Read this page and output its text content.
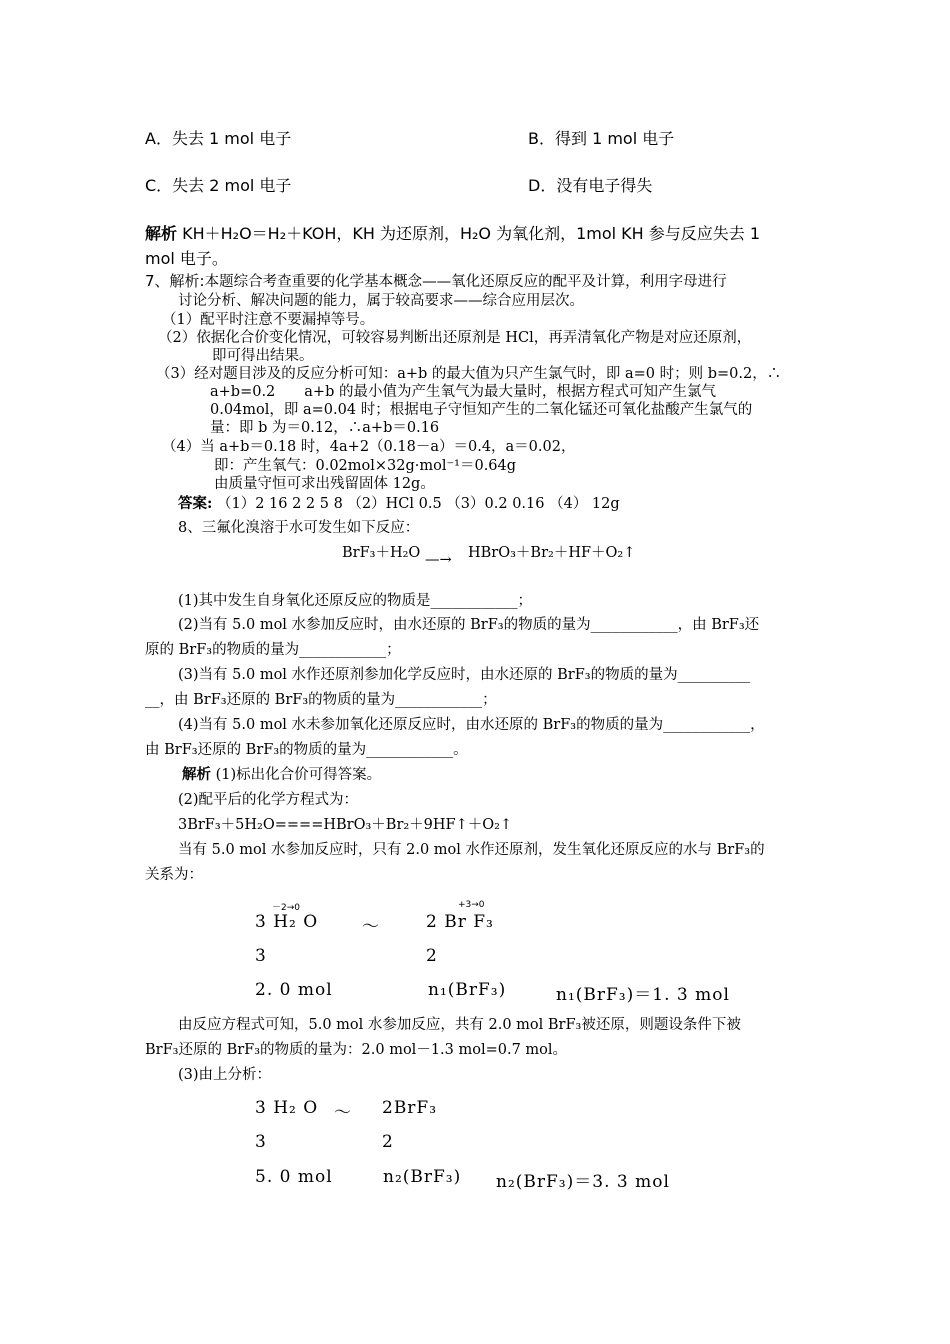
A．失去 1 mol 电子	B．得到 1 mol 电子
C．失去 2 mol 电子	D．没有电子得失
解析 KH＋H₂O＝H₂＋KOH，KH 为还原剂，H₂O 为氧化剂，1mol KH 参与反应失去 1
mol 电子。
7、解析:本题综合考查重要的化学基本概念——氧化还原反应的配平及计算，利用字母进行
讨论分析、解决问题的能力，属于较高要求——综合应用层次。
（1）配平时注意不要漏掉等号。
（2）依据化合价变化情况，可较容易判断出还原剂是 HCl，再弄清氧化产物是对应还原剂，
即可得出结果。
（3）经对题目涉及的反应分析可知：a+b 的最大值为只产生氯气时，即 a=0 时；则 b=0.2，∴
a+b=0.2　　a+b 的最小值为产生氧气为最大量时，根据方程式可知产生氯气
0.04mol，即 a=0.04 时；根据电子守恒知产生的二氧化锰还可氧化盐酸产生氯气的
量：即 b 为＝0.12，∴a+b＝0.16
（4）当 a+b＝0.18 时，4a+2（0.18－a）＝0.4，a＝0.02，
即：产生氧气：0.02mol×32g·mol⁻¹＝0.64g
由质量守恒可求出残留固体 12g。
答案: （1）2 16 2 2 5 8 （2）HCl 0.5 （3）0.2 0.16 （4） 12g
8、三氟化溴溶于水可发生如下反应：
BrF₃＋H₂O —→ HBrO₃＋Br₂＋HF＋O₂↑
(1)其中发生自身氧化还原反应的物质是____________；
(2)当有 5.0 mol 水参加反应时，由水还原的 BrF₃的物质的量为____________，由 BrF₃还
原的 BrF₃的物质的量为____________；
(3)当有 5.0 mol 水作还原剂参加化学反应时，由水还原的 BrF₃的物质的量为__________
__，由 BrF₃还原的 BrF₃的物质的量为____________；
(4)当有 5.0 mol 水未参加氧化还原反应时，由水还原的 BrF₃的物质的量为____________，
由 BrF₃还原的 BrF₃的物质的量为____________。
解析 (1)标出化合价可得答案。
(2)配平后的化学方程式为：
3BrF₃＋5H₂O====HBrO₃＋Br₂＋9HF↑＋O₂↑
当有 5.0 mol 水参加反应时，只有 2.0 mol 水作还原剂，发生氧化还原反应的水与 BrF₃的
关系为：
－2→0	+3→0
3 H₂ O	～	2 Br F₃
3	2
2. 0 mol	n₁(BrF₃)	n₁(BrF₃)＝1. 3 mol
由反应方程式可知，5.0 mol 水参加反应，共有 2.0 mol BrF₃被还原，则题设条件下被
BrF₃还原的 BrF₃的物质的量为：2.0 mol－1.3 mol=0.7 mol。
(3)由上分析：
3 H₂ O ～ 2BrF₃
3	2
5. 0 mol	n₂(BrF₃) n₂(BrF₃)＝3. 3 mol
